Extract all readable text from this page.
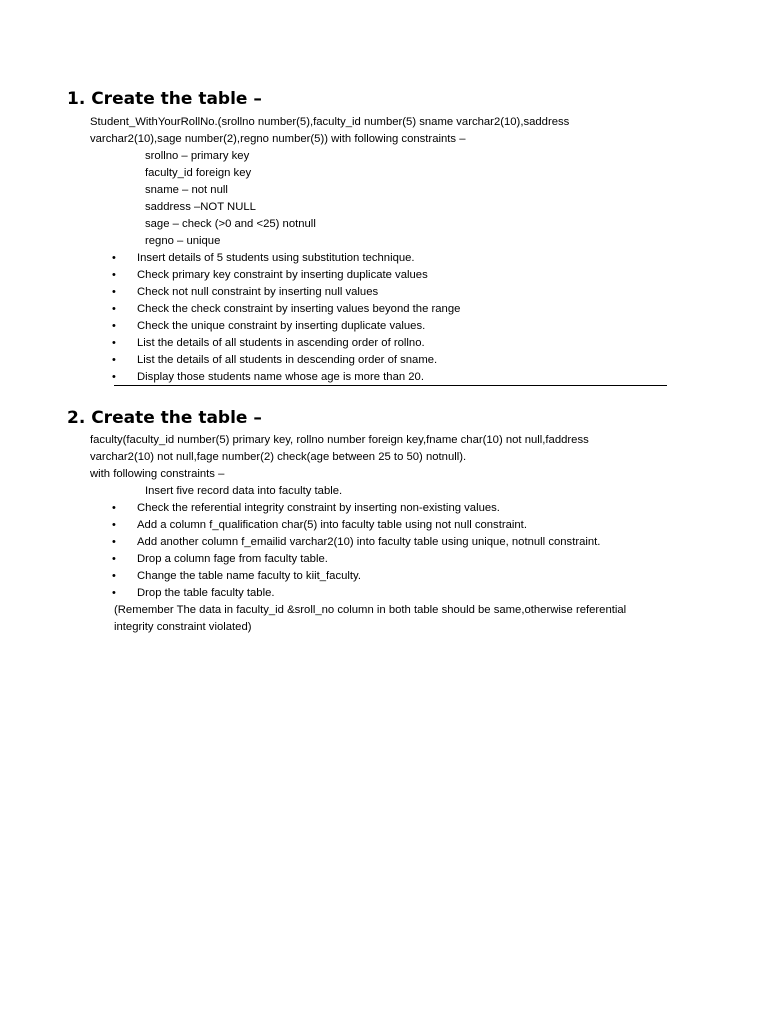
1. Create the table –

Student_WithYourRollNo.(srollno number(5),faculty_id number(5) sname varchar2(10),saddress

varchar2(10),sage number(2),regno number(5)) with following constraints –

srollno – primary key

faculty_id foreign key

sname – not null

saddress –NOT NULL

sage – check (>0 and <25) notnull

regno – unique

• Insert details of 5 students using substitution technique.

• Check primary key constraint by inserting duplicate values

• Check not null constraint by inserting null values

• Check the check constraint by inserting values beyond the range

• Check the unique constraint by inserting duplicate values.

• List the details of all students in ascending order of rollno.

• List the details of all students in descending order of sname.

• Display those students name whose age is more than 20.

2. Create the table –

faculty(faculty_id number(5) primary key, rollno number foreign key,fname char(10) not null,faddress

varchar2(10) not null,fage number(2) check(age between 25 to 50) notnull).

with following constraints –

Insert five record data into faculty table.

• Check the referential integrity constraint by inserting non-existing values.

• Add a column f_qualification char(5) into faculty table using not null constraint.

• Add another column f_emailid varchar2(10) into faculty table using unique, notnull constraint.

• Drop a column fage from faculty table.

• Change the table name faculty to kiit_faculty.

• Drop the table faculty table.

(Remember The data in faculty_id &sroll_no column in both table should be same,otherwise referential

integrity constraint violated)
